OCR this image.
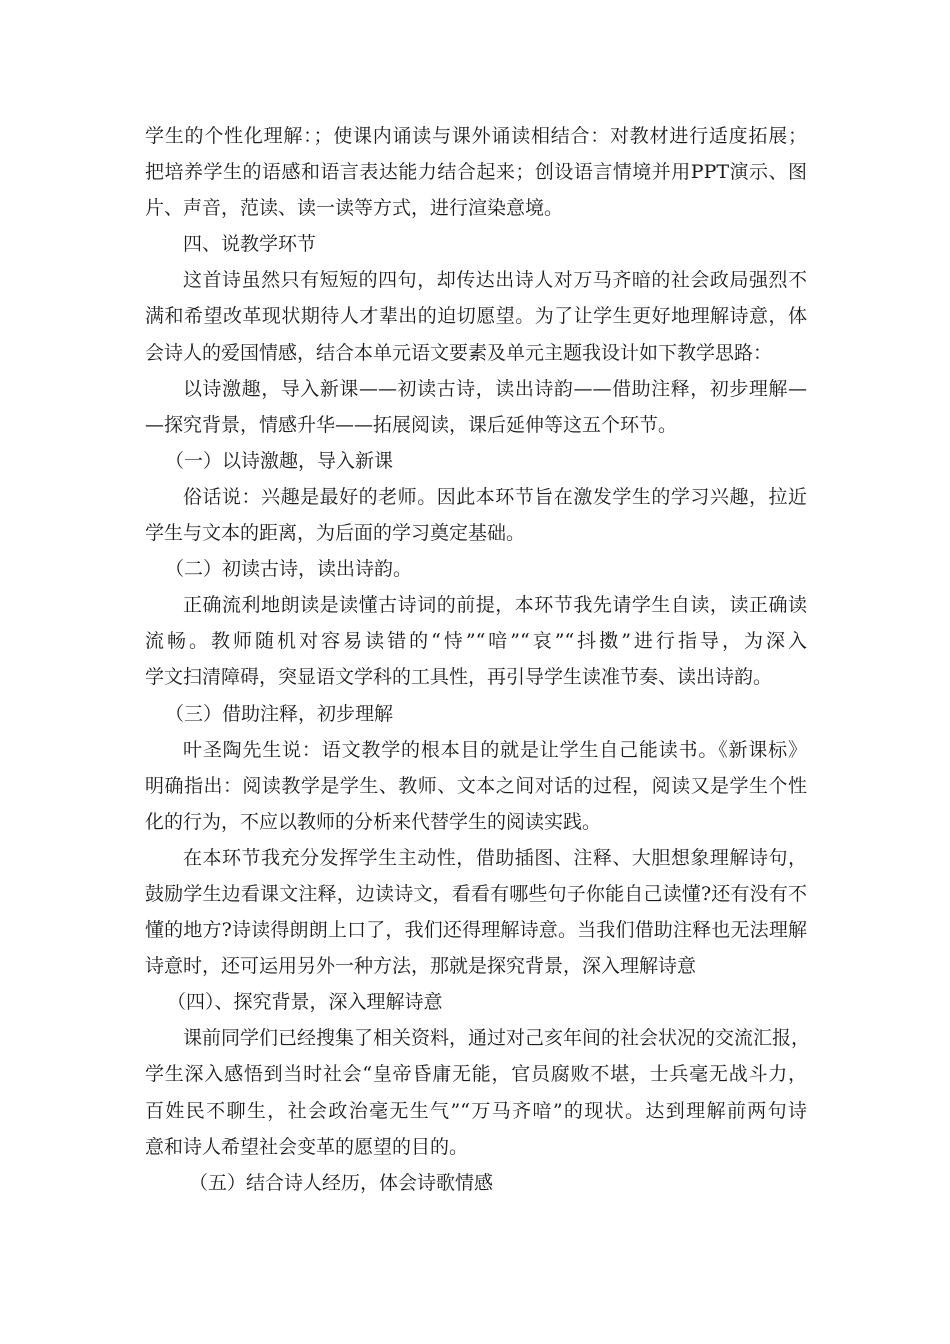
学生的个性化理解：；使课内诵读与课外诵读相结合：对教材进行适度拓展；
把培养学生的语感和语言表达能力结合起来；创设语言情境并用PPT演示、图
片、声音，范读、读一读等方式，进行渲染意境。
四、说教学环节
这首诗虽然只有短短的四句，却传达出诗人对万马齐暗的社会政局强烈不
满和希望改革现状期待人才辈出的迫切愿望。为了让学生更好地理解诗意，体
会诗人的爱国情感，结合本单元语文要素及单元主题我设计如下教学思路：
以诗激趣，导入新课——初读古诗，读出诗韵——借助注释，初步理解—
—探究背景，情感升华——拓展阅读，课后延伸等这五个环节。
（一）以诗激趣，导入新课
俗话说：兴趣是最好的老师。因此本环节旨在激发学生的学习兴趣，拉近
学生与文本的距离，为后面的学习奠定基础。
（二）初读古诗，读出诗韵。
正确流利地朗读是读懂古诗词的前提，本环节我先请学生自读，读正确读
流畅。教师随机对容易读错的“恃”“喑”“哀”“抖擞”进行指导，为深入
学文扫清障碍，突显语文学科的工具性，再引导学生读准节奏、读出诗韵。
（三）借助注释，初步理解
叶圣陶先生说：语文教学的根本目的就是让学生自己能读书。《新课标》
明确指出：阅读教学是学生、教师、文本之间对话的过程，阅读又是学生个性
化的行为，不应以教师的分析来代替学生的阅读实践。
在本环节我充分发挥学生主动性，借助插图、注释、大胆想象理解诗句，
鼓励学生边看课文注释，边读诗文，看看有哪些句子你能自己读懂?还有没有不
懂的地方?诗读得朗朗上口了，我们还得理解诗意。当我们借助注释也无法理解
诗意时，还可运用另外一种方法，那就是探究背景，深入理解诗意
（四）、探究背景，深入理解诗意
课前同学们已经搜集了相关资料，通过对己亥年间的社会状况的交流汇报，
学生深入感悟到当时社会“皇帝昏庸无能，官员腐败不堪，士兵毫无战斗力，
百姓民不聊生，社会政治毫无生气”“万马齐喑”的现状。达到理解前两句诗
意和诗人希望社会变革的愿望的目的。
（五）结合诗人经历，体会诗歌情感
